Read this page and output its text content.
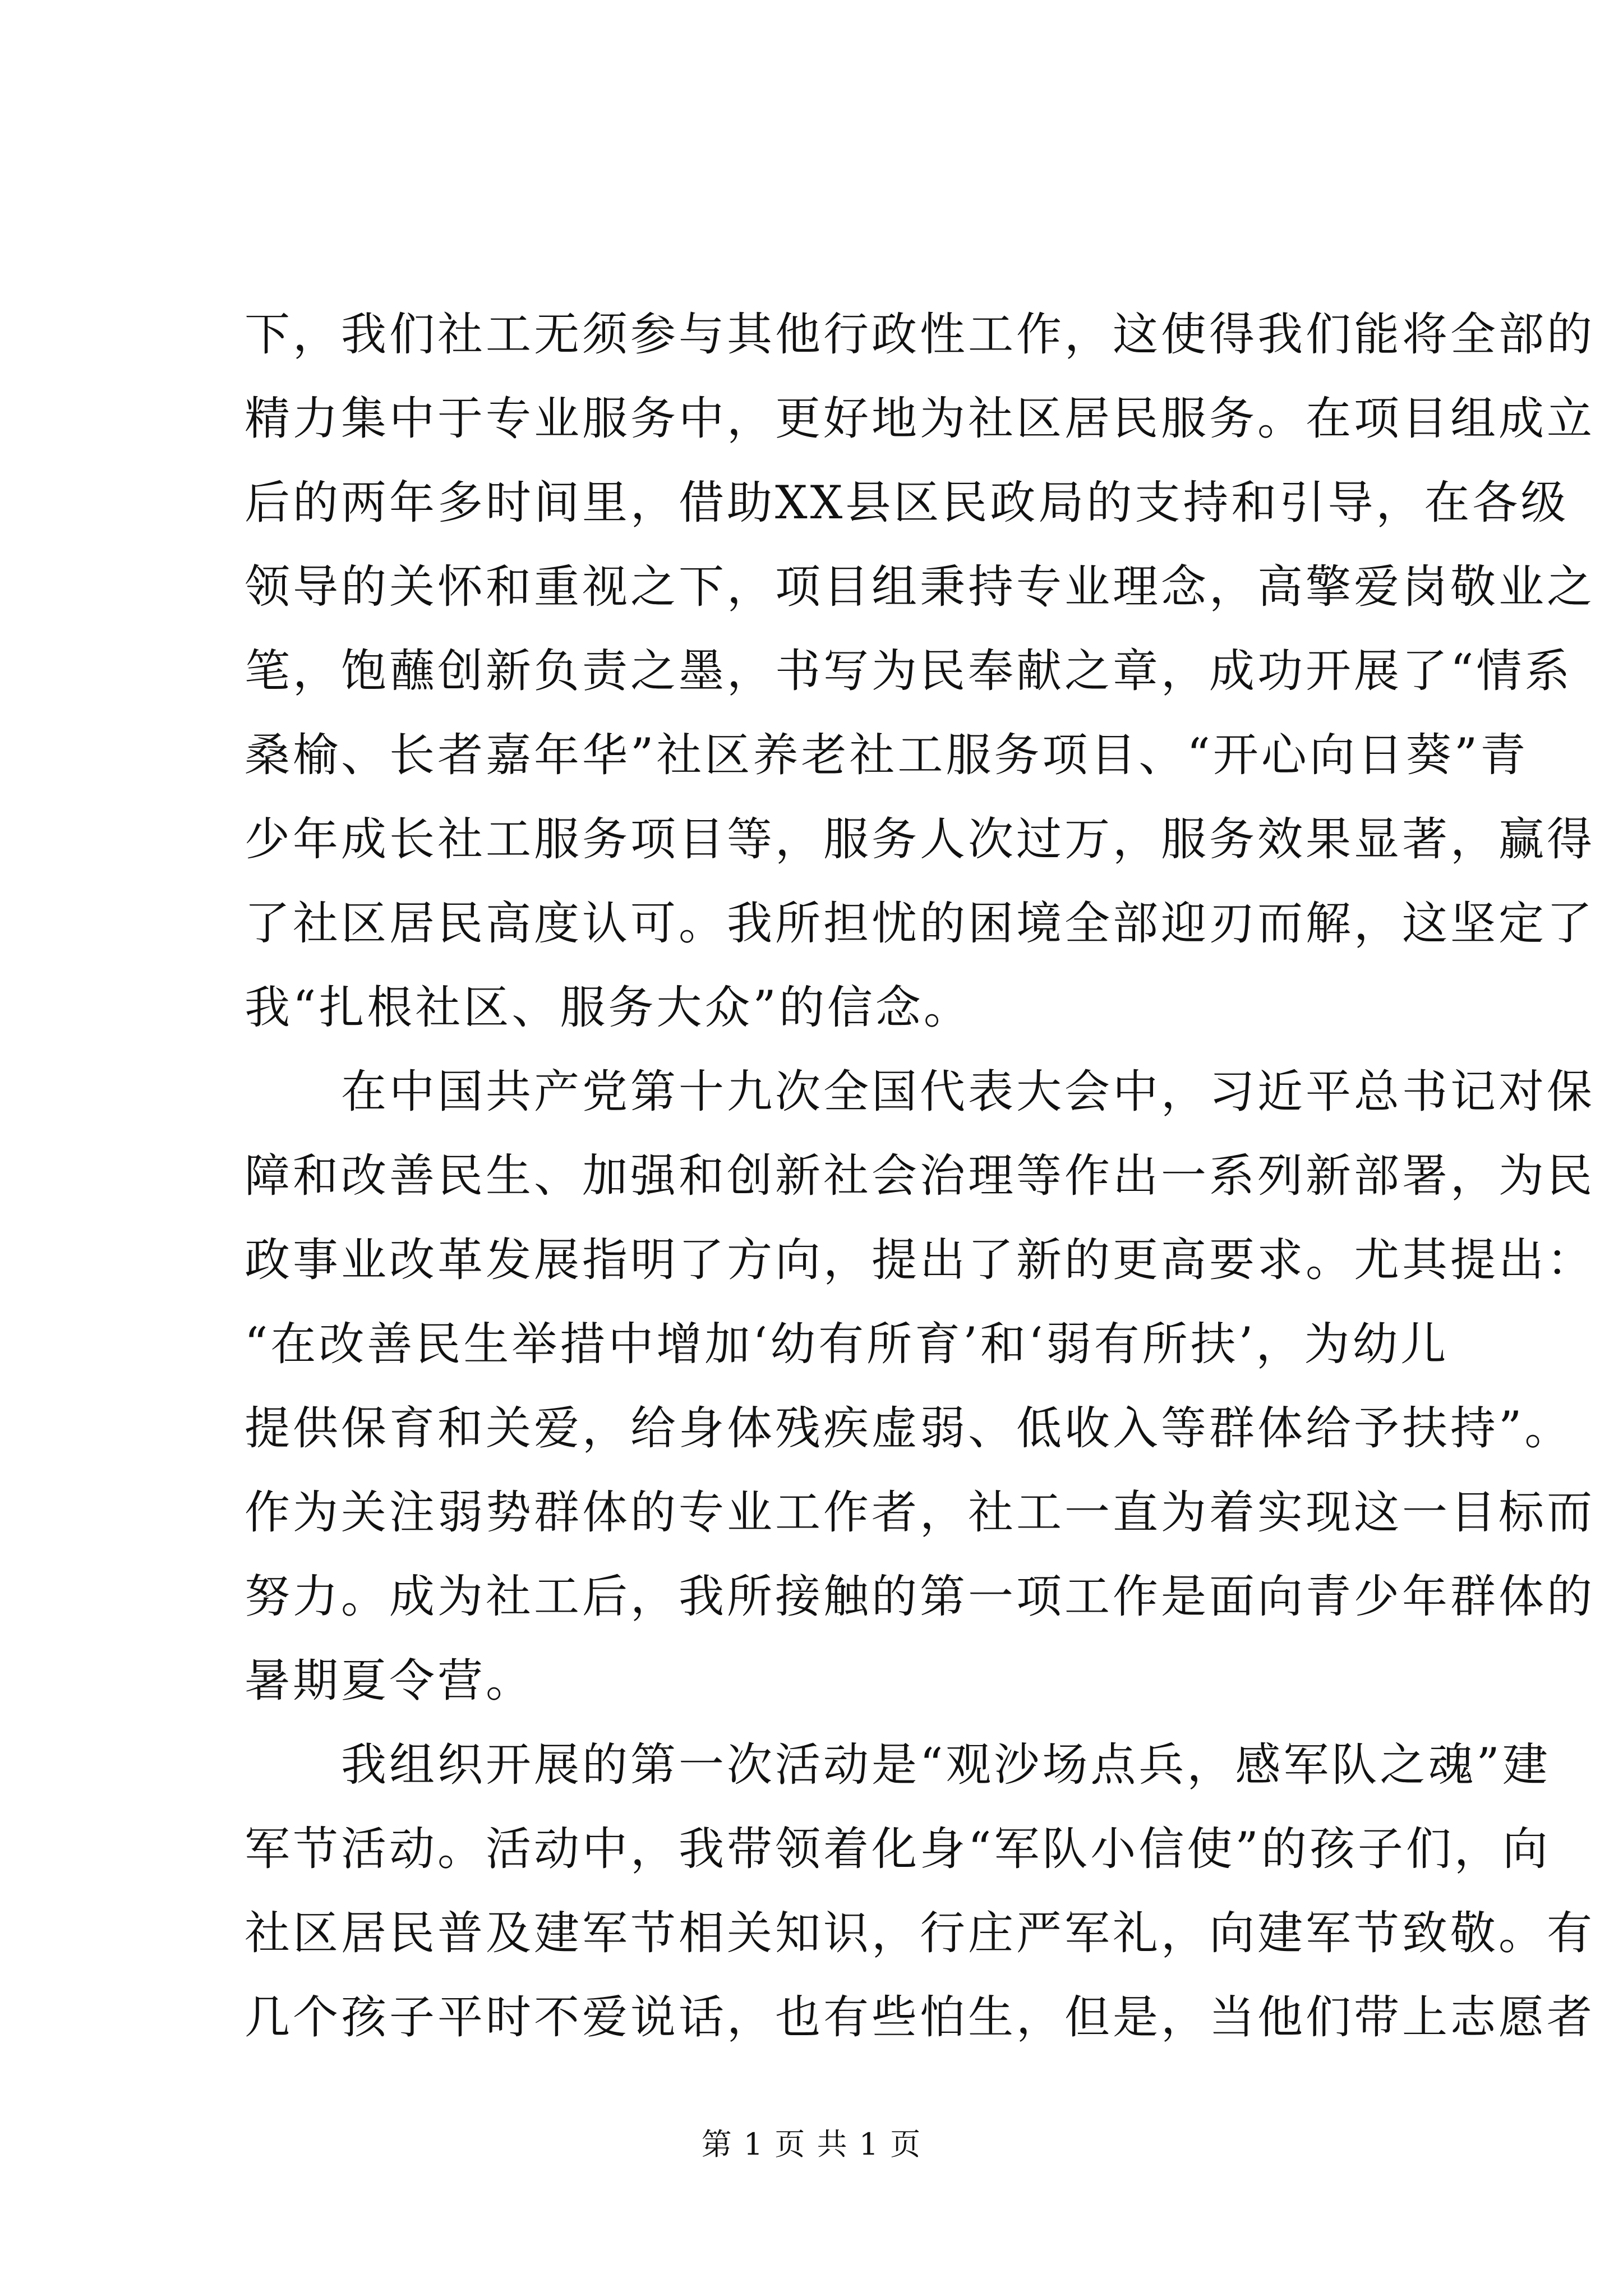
下，我们社工无须参与其他行政性工作，这使得我们能将全部的
精力集中于专业服务中，更好地为社区居民服务。在项目组成立
后的两年多时间里，借助XX县区民政局的支持和引导，在各级
领导的关怀和重视之下，项目组秉持专业理念，高擎爱岗敬业之
笔，饱蘸创新负责之墨，书写为民奉献之章，成功开展了“情系
桑榆、长者嘉年华”社区养老社工服务项目、“开心向日葵”青
少年成长社工服务项目等，服务人次过万，服务效果显著，赢得
了社区居民高度认可。我所担忧的困境全部迎刃而解，这坚定了
我“扎根社区、服务大众”的信念。
在中国共产党第十九次全国代表大会中，习近平总书记对保
障和改善民生、加强和创新社会治理等作出一系列新部署，为民
政事业改革发展指明了方向，提出了新的更高要求。尤其提出：
“在改善民生举措中增加‘幼有所育’和‘弱有所扶’，为幼儿
提供保育和关爱，给身体残疾虚弱、低收入等群体给予扶持”。
作为关注弱势群体的专业工作者，社工一直为着实现这一目标而
努力。成为社工后，我所接触的第一项工作是面向青少年群体的
暑期夏令营。
我组织开展的第一次活动是“观沙场点兵，感军队之魂”建
军节活动。活动中，我带领着化身“军队小信使”的孩子们，向
社区居民普及建军节相关知识，行庄严军礼，向建军节致敬。有
几个孩子平时不爱说话，也有些怕生，但是，当他们带上志愿者
第 1 页 共 1 页
